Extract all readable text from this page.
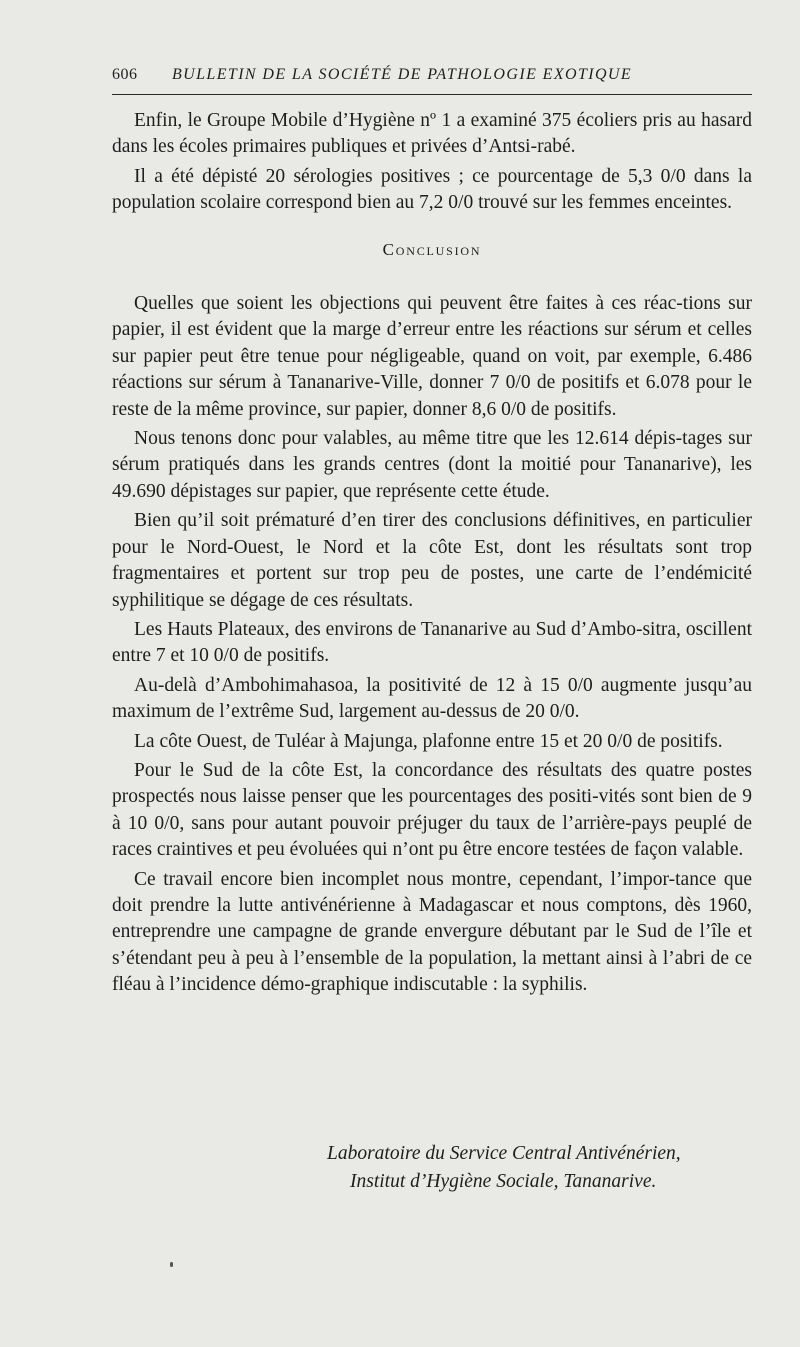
606 BULLETIN DE LA SOCIÉTÉ DE PATHOLOGIE EXOTIQUE

Enfin, le Groupe Mobile d’Hygiène nº 1 a examiné 375 écoliers pris au hasard dans les écoles primaires publiques et privées d’Antsi-rabé.

Il a été dépisté 20 sérologies positives ; ce pourcentage de 5,3 0/0 dans la population scolaire correspond bien au 7,2 0/0 trouvé sur les femmes enceintes.

Conclusion

Quelles que soient les objections qui peuvent être faites à ces réac-tions sur papier, il est évident que la marge d’erreur entre les réactions sur sérum et celles sur papier peut être tenue pour négligeable, quand on voit, par exemple, 6.486 réactions sur sérum à Tananarive-Ville, donner 7 0/0 de positifs et 6.078 pour le reste de la même province, sur papier, donner 8,6 0/0 de positifs.

Nous tenons donc pour valables, au même titre que les 12.614 dépis-tages sur sérum pratiqués dans les grands centres (dont la moitié pour Tananarive), les 49.690 dépistages sur papier, que représente cette étude.

Bien qu’il soit prématuré d’en tirer des conclusions définitives, en particulier pour le Nord-Ouest, le Nord et la côte Est, dont les résultats sont trop fragmentaires et portent sur trop peu de postes, une carte de l’endémicité syphilitique se dégage de ces résultats.

Les Hauts Plateaux, des environs de Tananarive au Sud d’Ambo-sitra, oscillent entre 7 et 10 0/0 de positifs.

Au-delà d’Ambohimahasoa, la positivité de 12 à 15 0/0 augmente jusqu’au maximum de l’extrême Sud, largement au-dessus de 20 0/0.

La côte Ouest, de Tuléar à Majunga, plafonne entre 15 et 20 0/0 de positifs.

Pour le Sud de la côte Est, la concordance des résultats des quatre postes prospectés nous laisse penser que les pourcentages des positi-vités sont bien de 9 à 10 0/0, sans pour autant pouvoir préjuger du taux de l’arrière-pays peuplé de races craintives et peu évoluées qui n’ont pu être encore testées de façon valable.

Ce travail encore bien incomplet nous montre, cependant, l’impor-tance que doit prendre la lutte antivénérienne à Madagascar et nous comptons, dès 1960, entreprendre une campagne de grande envergure débutant par le Sud de l’île et s’étendant peu à peu à l’ensemble de la population, la mettant ainsi à l’abri de ce fléau à l’incidence démo-graphique indiscutable : la syphilis.

Laboratoire du Service Central Antivénérien,
Institut d’Hygiène Sociale, Tananarive.
